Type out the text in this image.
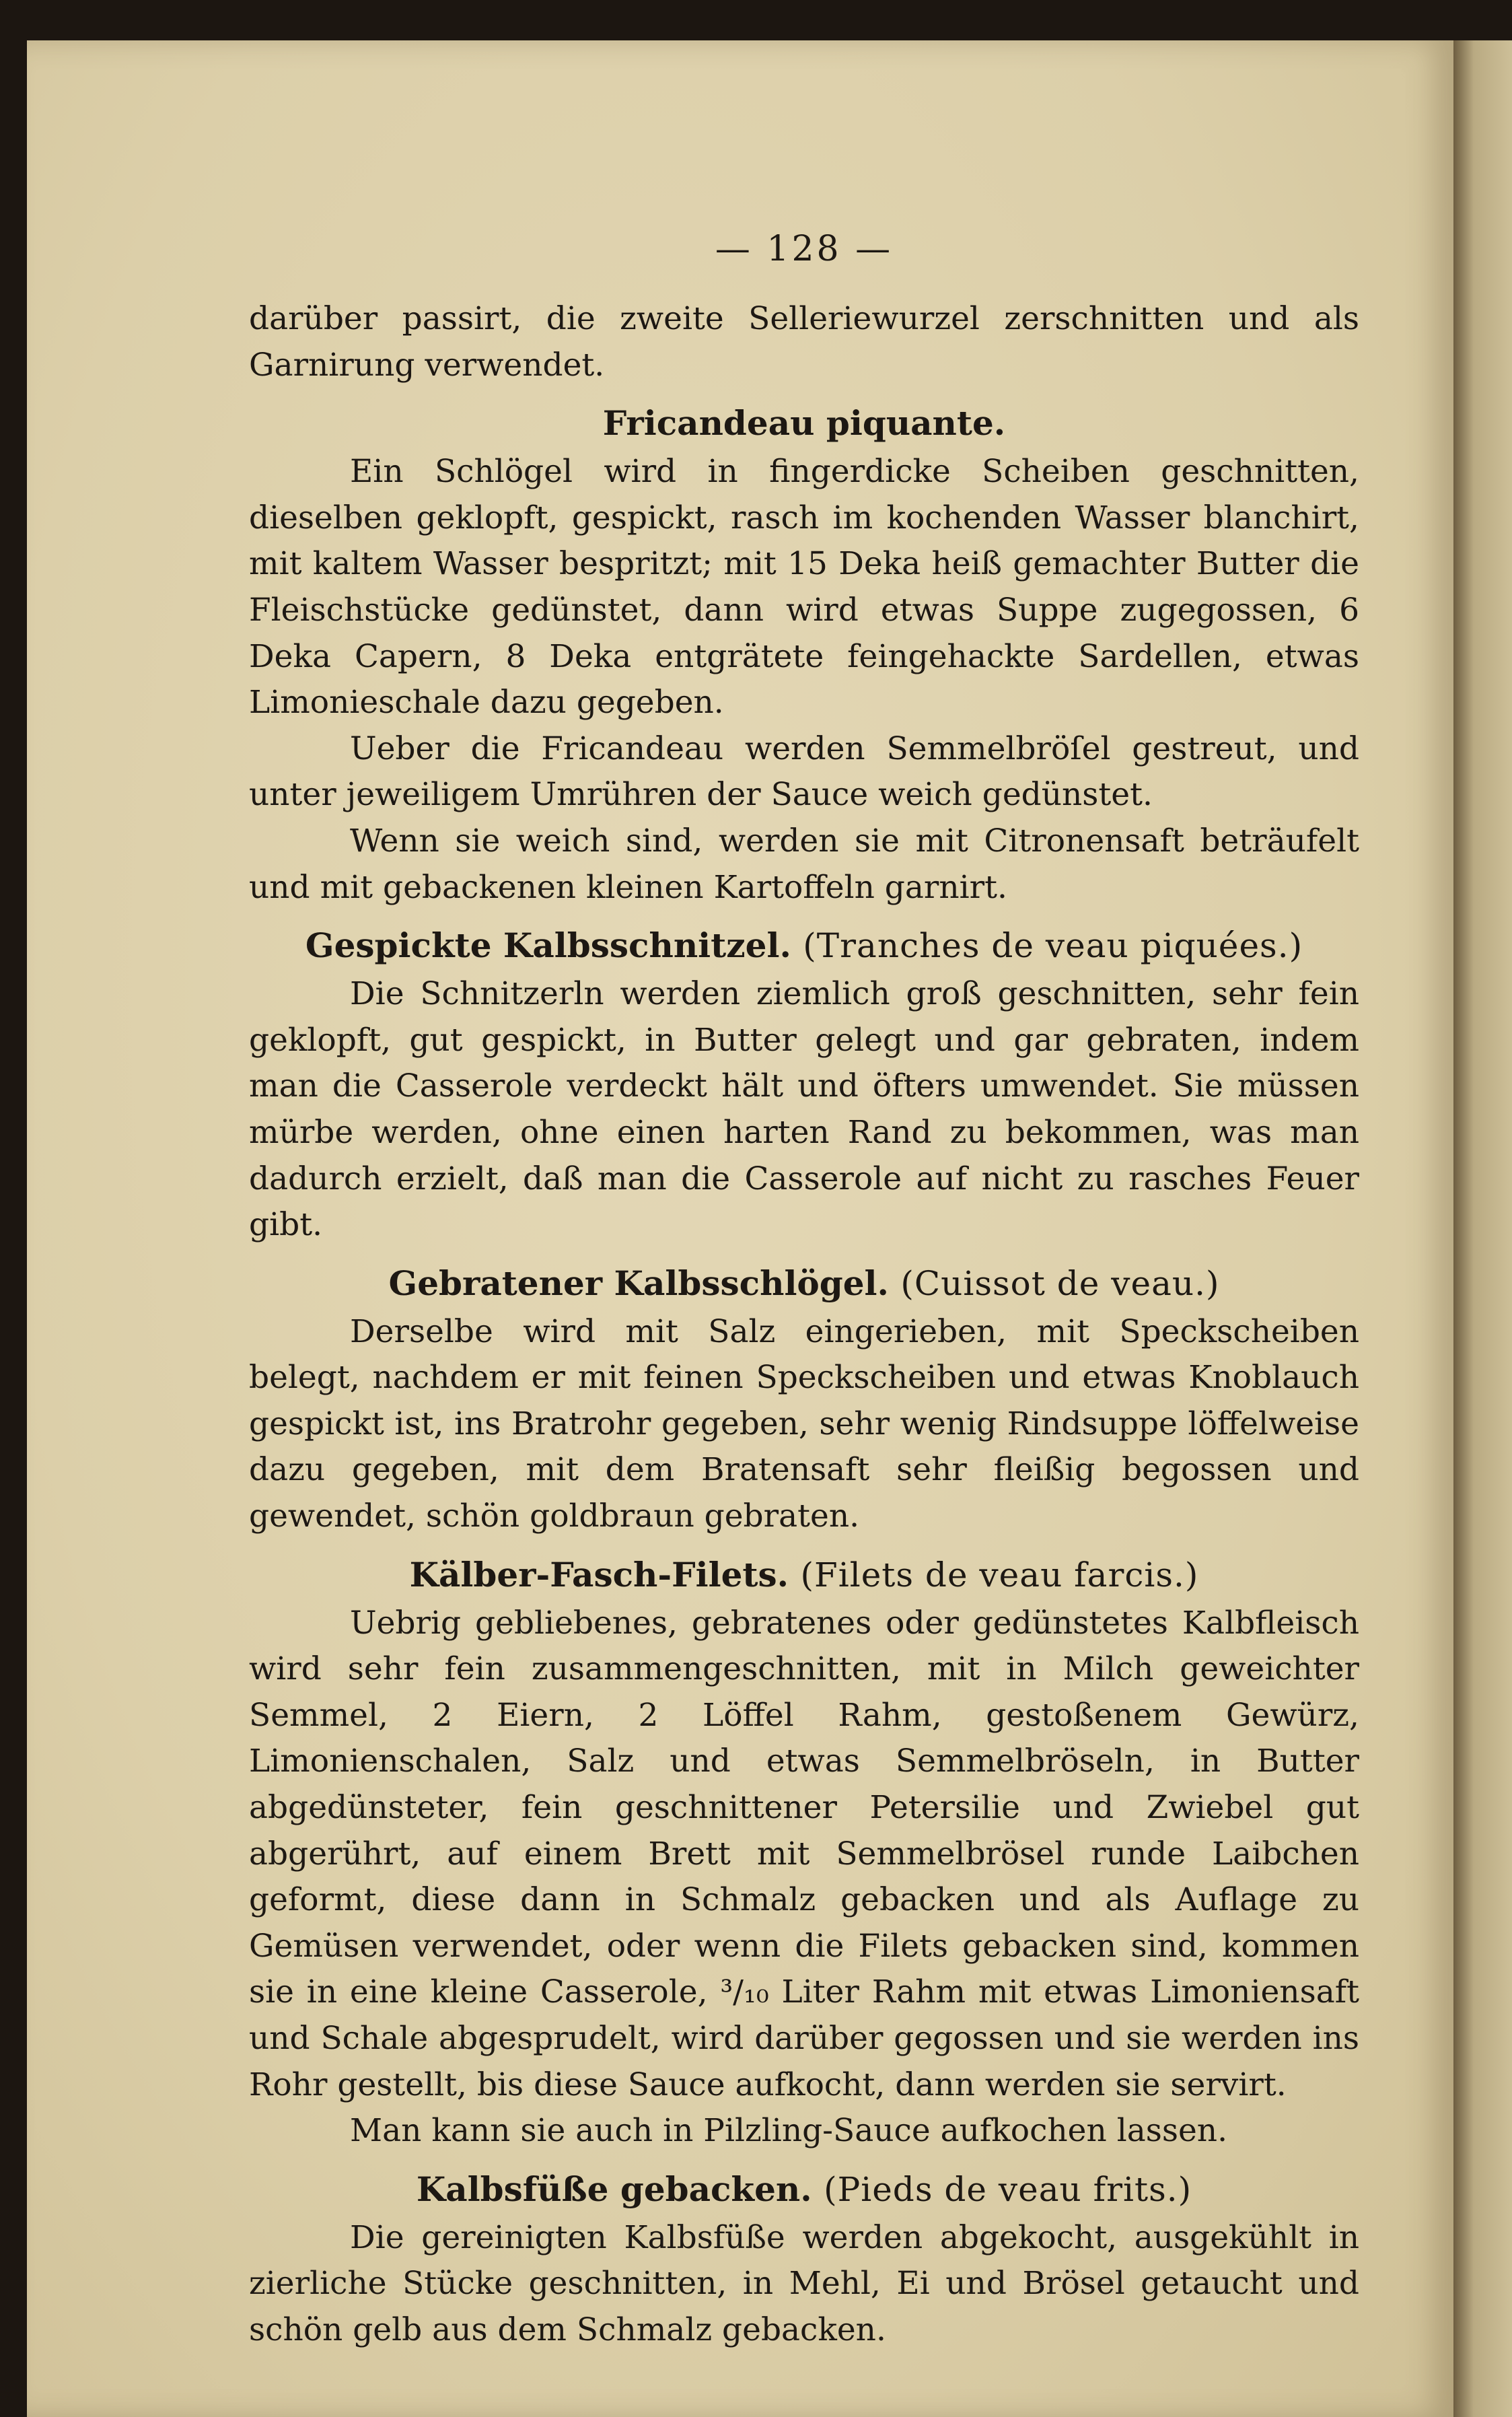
— 128 —

darüber passirt, die zweite Selleriewurzel zerschnitten und als Garnirung verwendet.

Fricandeau piquante.

Ein Schlögel wird in fingerdicke Scheiben geschnitten, dieselben geklopft, gespickt, rasch im kochenden Wasser blanchirt, mit kaltem Wasser bespritzt; mit 15 Deka heiß gemachter Butter die Fleischstücke gedünstet, dann wird etwas Suppe zugegossen, 6 Deka Capern, 8 Deka entgrätete feingehackte Sardellen, etwas Limonieschale dazu gegeben.

Ueber die Fricandeau werden Semmelbröſel gestreut, und unter jeweiligem Umrühren der Sauce weich gedünstet.

Wenn sie weich sind, werden sie mit Citronensaft beträufelt und mit gebackenen kleinen Kartoffeln garnirt.

Gespickte Kalbsschnitzel. (Tranches de veau piquées.)

Die Schnitzerln werden ziemlich groß geschnitten, sehr fein geklopft, gut gespickt, in Butter gelegt und gar gebraten, indem man die Casserole verdeckt hält und öfters umwendet. Sie müssen mürbe werden, ohne einen harten Rand zu bekommen, was man dadurch erzielt, daß man die Casserole auf nicht zu rasches Feuer gibt.

Gebratener Kalbsschlögel. (Cuissot de veau.)

Derselbe wird mit Salz eingerieben, mit Speckscheiben belegt, nachdem er mit feinen Speckscheiben und etwas Knoblauch gespickt ist, ins Bratrohr gegeben, sehr wenig Rindsuppe löffelweise dazu gegeben, mit dem Bratensaft sehr fleißig begossen und gewendet, schön goldbraun gebraten.

Kälber-Fasch-Filets. (Filets de veau farcis.)

Uebrig gebliebenes, gebratenes oder gedünstetes Kalbfleisch wird sehr fein zusammengeschnitten, mit in Milch geweichter Semmel, 2 Eiern, 2 Löffel Rahm, gestoßenem Gewürz, Limonienschalen, Salz und etwas Semmelbröseln, in Butter abgedünsteter, fein geschnittener Petersilie und Zwiebel gut abgerührt, auf einem Brett mit Semmelbrösel runde Laibchen geformt, diese dann in Schmalz gebacken und als Auflage zu Gemüsen verwendet, oder wenn die Filets gebacken sind, kommen sie in eine kleine Casserole, ³/₁₀ Liter Rahm mit etwas Limoniensaft und Schale abgesprudelt, wird darüber gegossen und sie werden ins Rohr gestellt, bis diese Sauce aufkocht, dann werden sie servirt.

Man kann sie auch in Pilzling-Sauce aufkochen lassen.

Kalbsfüße gebacken. (Pieds de veau frits.)

Die gereinigten Kalbsfüße werden abgekocht, ausgekühlt in zierliche Stücke geschnitten, in Mehl, Ei und Brösel getaucht und schön gelb aus dem Schmalz gebacken.
